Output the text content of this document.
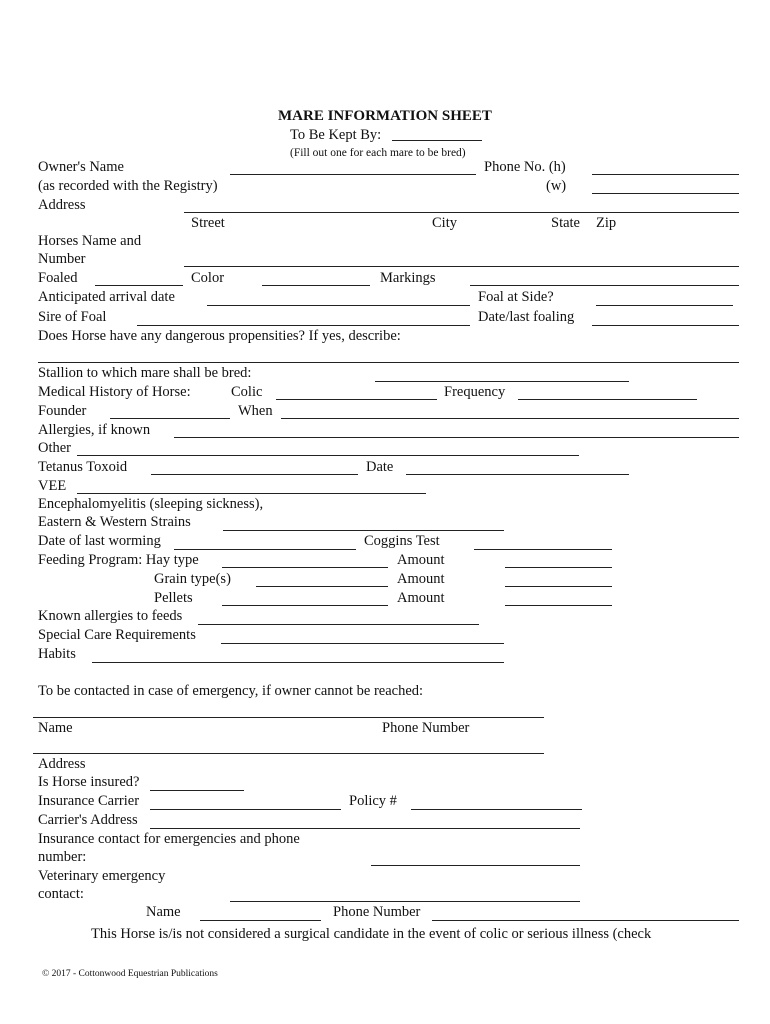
MARE INFORMATION SHEET
To Be Kept By:
(Fill out one for each mare to be bred)
Owner's Name	Phone No. (h)
(as recorded with the Registry)	(w)
Address
Street	City	State Zip
Horses Name and
Number
Foaled	Color	Markings
Anticipated arrival date	Foal at Side?
Sire of Foal	Date/last foaling
Does Horse have any dangerous propensities? If yes, describe:
Stallion to which mare shall be bred:
Medical History of Horse:	Colic	Frequency
Founder	When
Allergies, if known
Other
Tetanus Toxoid	Date
VEE
Encephalomyelitis (sleeping sickness),
Eastern & Western Strains
Date of last worming	Coggins Test
Feeding Program: Hay type	Amount
Grain type(s)	Amount
Pellets	Amount
Known allergies to feeds
Special Care Requirements
Habits
To be contacted in case of emergency, if owner cannot be reached:
Name	Phone Number
Address
Is Horse insured?
Insurance Carrier	Policy #
Carrier's Address
Insurance contact for emergencies and phone
number:
Veterinary emergency
contact:
Name	Phone Number
This Horse is/is not considered a surgical candidate in the event of colic or serious illness (check
© 2017 - Cottonwood Equestrian Publications
